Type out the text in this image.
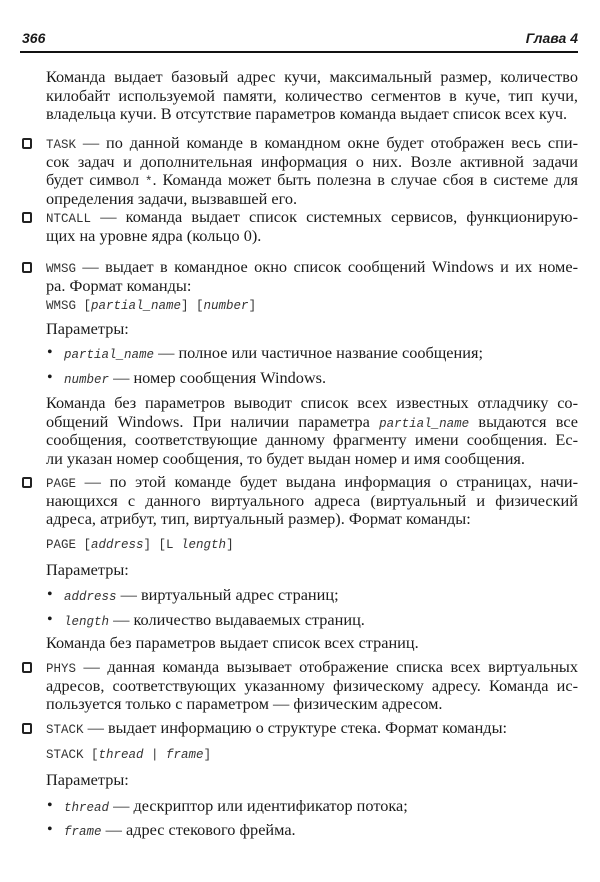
366	Глава 4
Команда выдает базовый адрес кучи, максимальный размер, количество
килобайт используемой памяти, количество сегментов в куче, тип кучи,
владельца кучи. В отсутствие параметров команда выдает список всех куч.
TASK — по данной команде в командном окне будет отображен весь спи-
сок задач и дополнительная информация о них. Возле активной задачи
будет символ *. Команда может быть полезна в случае сбоя в системе для
определения задачи, вызвавшей его.
NTCALL — команда выдает список системных сервисов, функционирую-
щих на уровне ядра (кольцо 0).
WMSG — выдает в командное окно список сообщений Windows и их номе-
ра. Формат команды:
WMSG [partial_name] [number]
Параметры:
• partial_name — полное или частичное название сообщения;
• number — номер сообщения Windows.
Команда без параметров выводит список всех известных отладчику со-
общений Windows. При наличии параметра partial_name выдаются все
сообщения, соответствующие данному фрагменту имени сообщения. Ес-
ли указан номер сообщения, то будет выдан номер и имя сообщения.
PAGE — по этой команде будет выдана информация о страницах, начи-
нающихся с данного виртуального адреса (виртуальный и физический
адреса, атрибут, тип, виртуальный размер). Формат команды:
PAGE [address] [L length]
Параметры:
• address — виртуальный адрес страниц;
• length — количество выдаваемых страниц.
Команда без параметров выдает список всех страниц.
PHYS — данная команда вызывает отображение списка всех виртуальных
адресов, соответствующих указанному физическому адресу. Команда ис-
пользуется только с параметром — физическим адресом.
STACK — выдает информацию о структуре стека. Формат команды:
STACK [thread | frame]
Параметры:
• thread — дескриптор или идентификатор потока;
• frame — адрес стекового фрейма.
